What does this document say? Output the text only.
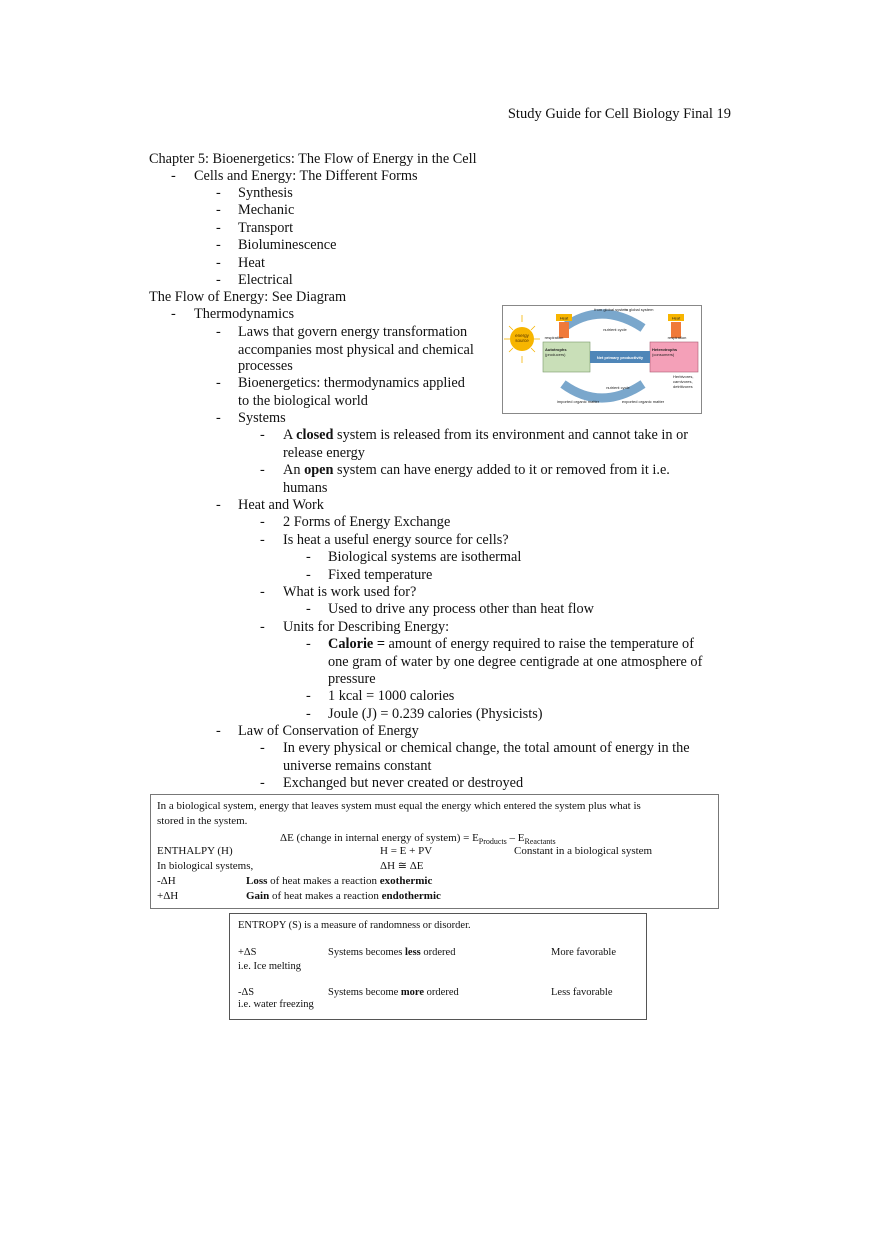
Study Guide for Cell Biology Final 19
Chapter 5: Bioenergetics: The Flow of Energy in the Cell
- Cells and Energy: The Different Forms
- Synthesis
- Mechanic
- Transport
- Bioluminescence
- Heat
- Electrical
The Flow of Energy: See Diagram
- Thermodynamics
- Laws that govern energy transformation
accompanies most physical and chemical
processes
- Bioenergetics: thermodynamics applied
to the biological world
- Systems
- A closed system is released from its environment and cannot take in or
release energy
- An open system can have energy added to it or removed from it i.e.
humans
- Heat and Work
- 2 Forms of Energy Exchange
- Is heat a useful energy source for cells?
- Biological systems are isothermal
- Fixed temperature
- What is work used for?
- Used to drive any process other than heat flow
- Units for Describing Energy:
- Calorie = amount of energy required to raise the temperature of
one gram of water by one degree centigrade at one atmosphere of
pressure
- 1 kcal = 1000 calories
- Joule (J) = 0.239 calories (Physicists)
- Law of Conservation of Energy
- In every physical or chemical change, the total amount of energy in the
universe remains constant
- Exchanged but never created or destroyed
energy source
Heat	Heat
from global system
to global system
respiration	respiration
nutrient cycle
Autotrophs
(producers)
Heterotrophs
(consumers)
Net primary productivity
nutrient cycle
imported organic matter	exported organic matter
Herbivores, carnivores, detritivores
In a biological system, energy that leaves system must equal the energy which entered the system plus what is
stored in the system.
ΔE (change in internal energy of system) = $E_{Products} - E_{Reactants}$
ENTHALPY (H)	H = E + PV	Constant in a biological system
In biological systems,	ΔH ≅ ΔE
-ΔH	Loss of heat makes a reaction exothermic
+ΔH	Gain of heat makes a reaction endothermic
ENTROPY (S) is a measure of randomness or disorder.
+ΔS	Systems becomes less ordered	More favorable
i.e. Ice melting
-ΔS	Systems become more ordered	Less favorable
i.e. water freezing
